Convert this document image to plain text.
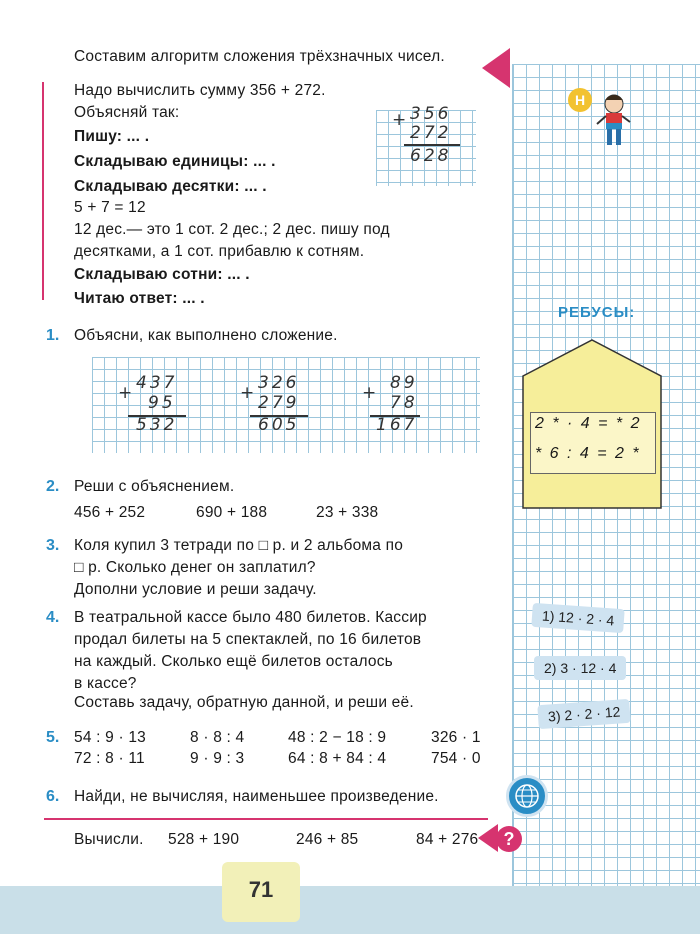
Составим алгоритм сложения трёхзначных чисел.
Надо вычислить сумму 356 + 272.
Объясняй так:
Пишу: ... .
Складываю единицы: ... .
Складываю десятки: ... .
5 + 7 = 12
12 дес.— это 1 сот. 2 дес.; 2 дес. пишу под
десятками, а 1 сот. прибавлю к сотням.
Складываю сотни: ... .
Читаю ответ: ... .
+ 356
272
628
1. Объясни, как выполнено сложение.
+ 437
95
532
+ 326
279
605
+ 89
78
167
2. Реши с объяснением.
456 + 252	690 + 188	23 + 338
3. Коля купил 3 тетради по □ р. и 2 альбома по
□ р. Сколько денег он заплатил?
Дополни условие и реши задачу.
4. В театральной кассе было 480 билетов. Кассир
продал билеты на 5 спектаклей, по 16 билетов
на каждый. Сколько ещё билетов осталось
в кассе?
Составь задачу, обратную данной, и реши её.
5. 54 : 9 · 13	8 · 8 : 4	48 : 2 − 18 : 9	326 · 1
72 : 8 · 11	9 · 9 : 3	64 : 8 + 84 : 4	754 · 0
6. Найди, не вычисляя, наименьшее произведение.
Вычисли. 528 + 190	246 + 85	84 + 276	?
Н
РЕБУСЫ:
2 * · 4 = * 2
* 6 : 4 = 2 *
1) 12 · 2 · 4
2) 3 · 12 · 4
3) 2 · 2 · 12
71
